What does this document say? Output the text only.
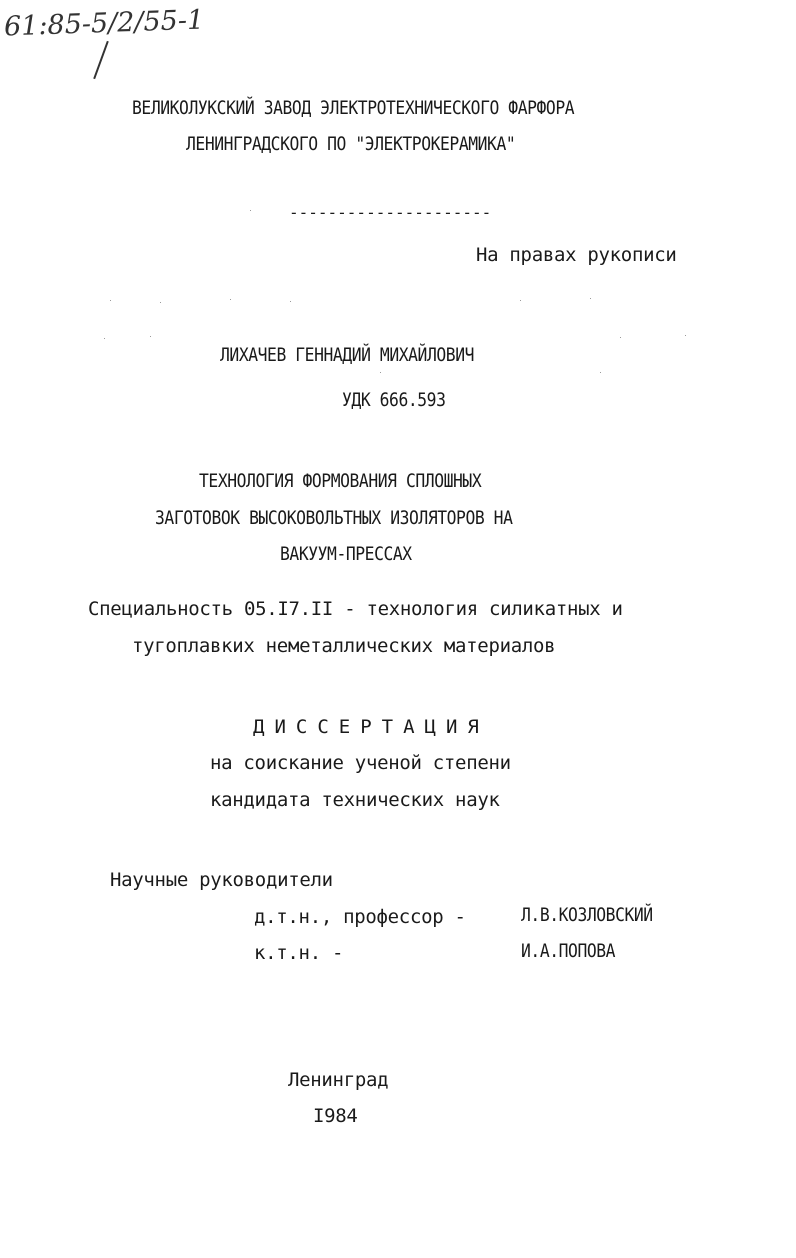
61:85-5/2/55-1
ВЕЛИКОЛУКСКИЙ ЗАВОД ЭЛЕКТРОТЕХНИЧЕСКОГО ФАРФОРА
ЛЕНИНГРАДСКОГО ПО "ЭЛЕКТРОКЕРАМИКА"
---------------------
На правах рукописи
ЛИХАЧЕВ ГЕННАДИЙ МИХАЙЛОВИЧ
УДК 666.593
ТЕХНОЛОГИЯ ФОРМОВАНИЯ СПЛОШНЫХ
ЗАГОТОВОК ВЫСОКОВОЛЬТНЫХ ИЗОЛЯТОРОВ НА
ВАКУУМ-ПРЕССАХ
Специальность 05.I7.II - технология силикатных и
тугоплавких неметаллических материалов
ДИССЕРТАЦИЯ
на соискание ученой степени
кандидата технических наук
Научные руководители
д.т.н., профессор -	Л.В.КОЗЛОВСКИЙ
к.т.н. -	И.А.ПОПОВА
Ленинград
I984
